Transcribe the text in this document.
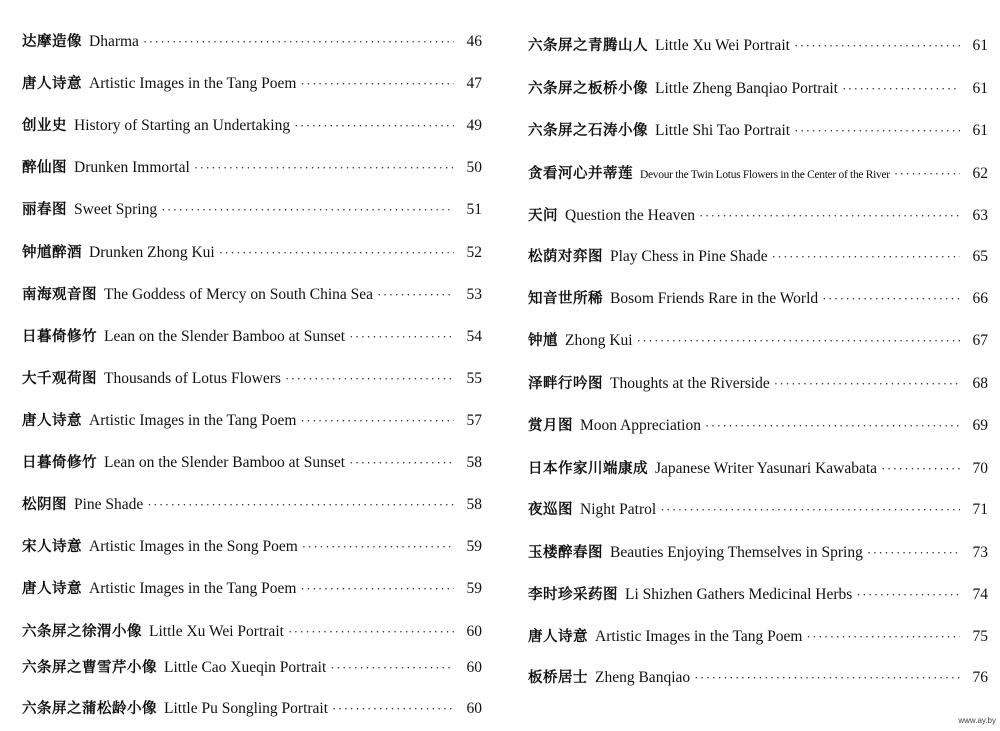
达摩造像 Dharma ·····	46
唐人诗意 Artistic Images in the Tang Poem ·····	47
创业史 History of Starting an Undertaking ·····	49
醉仙图 Drunken Immortal ·····	50
丽春图 Sweet Spring ·····	51
钟馗醉酒 Drunken Zhong Kui ·····	52
南海观音图 The Goddess of Mercy on South China Sea ·····	53
日暮倚修竹 Lean on the Slender Bamboo at Sunset ·····	54
大千观荷图 Thousands of Lotus Flowers ·····	55
唐人诗意 Artistic Images in the Tang Poem ·····	57
日暮倚修竹 Lean on the Slender Bamboo at Sunset ·····	58
松阴图 Pine Shade ·····	58
宋人诗意 Artistic Images in the Song Poem ·····	59
唐人诗意 Artistic Images in the Tang Poem ·····	59
六条屏之徐渭小像 Little Xu Wei Portrait ·····	60
六条屏之曹雪芹小像 Little Cao Xueqin Portrait ·····	60
六条屏之蒲松龄小像 Little Pu Songling Portrait ·····	60
六条屏之青腾山人 Little Xu Wei Portrait ·····	61
六条屏之板桥小像 Little Zheng Banqiao Portrait ·····	61
六条屏之石涛小像 Little Shi Tao Portrait ·····	61
贪看河心并蒂莲 Devour the Twin Lotus Flowers in the Center of the River ·····	62
天问 Question the Heaven ·····	63
松荫对弈图 Play Chess in Pine Shade ·····	65
知音世所稀 Bosom Friends Rare in the World ·····	66
钟馗 Zhong Kui ·····	67
泽畔行吟图 Thoughts at the Riverside ·····	68
赏月图 Moon Appreciation ·····	69
日本作家川端康成 Japanese Writer Yasunari Kawabata ·····	70
夜巡图 Night Patrol ·····	71
玉楼醉春图 Beauties Enjoying Themselves in Spring ·····	73
李时珍采药图 Li Shizhen Gathers Medicinal Herbs ·····	74
唐人诗意 Artistic Images in the Tang Poem ·····	75
板桥居士 Zheng Banqiao ·····	76
www.ay.by
